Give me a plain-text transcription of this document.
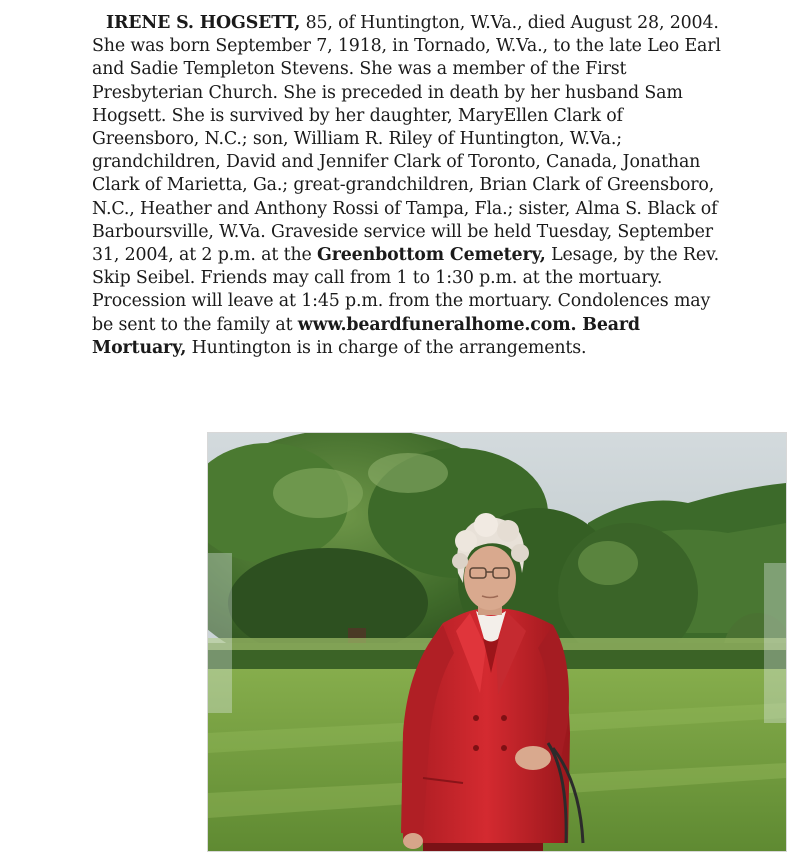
IRENE S. HOGSETT, 85, of Huntington, W.Va., died August 28, 2004. She was born September 7, 1918, in Tornado, W.Va., to the late Leo Earl and Sadie Templeton Stevens. She was a member of the First Presbyterian Church. She is preceded in death by her husband Sam Hogsett. She is survived by her daughter, MaryEllen Clark of Greensboro, N.C.; son, William R. Riley of Huntington, W.Va.; grandchildren, David and Jennifer Clark of Toronto, Canada, Jonathan Clark of Marietta, Ga.; great-grandchildren, Brian Clark of Greensboro, N.C., Heather and Anthony Rossi of Tampa, Fla.; sister, Alma S. Black of Barboursville, W.Va. Graveside service will be held Tuesday, September 31, 2004, at 2 p.m. at the Greenbottom Cemetery, Lesage, by the Rev. Skip Seibel. Friends may call from 1 to 1:30 p.m. at the mortuary. Procession will leave at 1:45 p.m. from the mortuary. Condolences may be sent to the family at www.beardfuneralhome.com. Beard Mortuary, Huntington is in charge of the arrangements.
